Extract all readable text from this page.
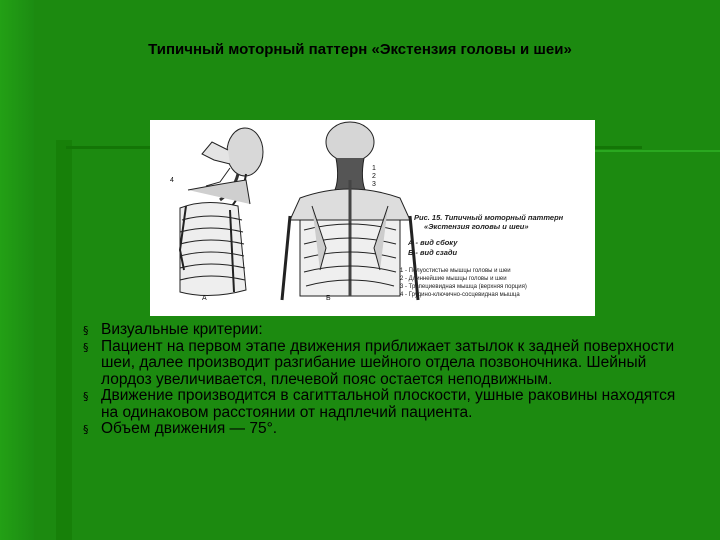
Типичный моторный паттерн «Экстензия головы и шеи»
4
А
1
2
3
Б
Рис. 15. Типичный моторный паттерн
«Экстензия головы и шеи»
А - вид сбоку
Б - вид сзади
1 - Полуостистые мышцы головы и шеи
2 - Длиннейшие мышцы головы и шеи
3 - Трапециевидная мышца (верхняя порция)
4 - Грудино-ключично-сосцевидная мышца
§ Визуальные критерии:
§ Пациент на первом этапе движения приближает затылок к задней поверхности шеи, далее производит разгибание шейного отдела позвоночника. Шейный лордоз увеличивается, плечевой пояс остается неподвижным.
§ Движение производится в сагиттальной плоскости, ушные раковины находятся на одинаковом расстоянии от надплечий пациента.
§ Объем движения — 75°.
